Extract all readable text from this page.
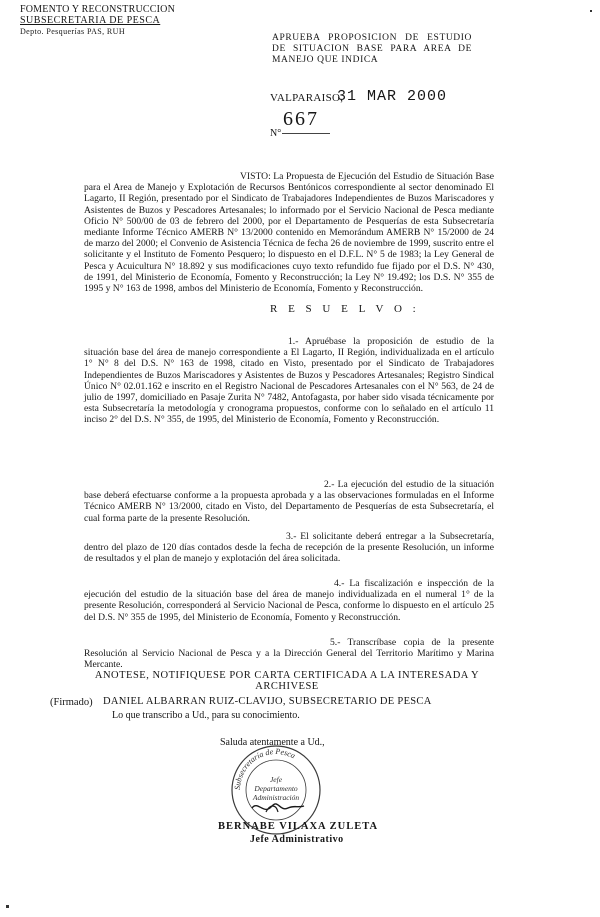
FOMENTO Y RECONSTRUCCION
SUBSECRETARIA DE PESCA
Depto. Pesquerías PAS, RUH
APRUEBA PROPOSICION DE ESTUDIO DE SITUACION BASE PARA AREA DE MANEJO QUE INDICA
VALPARAISO,
31 MAR 2000
N°
667
VISTO: La Propuesta de Ejecución del Estudio de Situación Base para el Area de Manejo y Explotación de Recursos Bentónicos correspondiente al sector denominado El Lagarto, II Región, presentado por el Sindicato de Trabajadores Independientes de Buzos Mariscadores y Asistentes de Buzos y Pescadores Artesanales; lo informado por el Servicio Nacional de Pesca mediante Oficio N° 500/00 de 03 de febrero del 2000, por el Departamento de Pesquerías de esta Subsecretaría mediante Informe Técnico AMERB N° 13/2000 contenido en Memorándum AMERB N° 15/2000 de 24 de marzo del 2000; el Convenio de Asistencia Técnica de fecha 26 de noviembre de 1999, suscrito entre el solicitante y el Instituto de Fomento Pesquero; lo dispuesto en el D.F.L. N° 5 de 1983; la Ley General de Pesca y Acuicultura N° 18.892 y sus modificaciones cuyo texto refundido fue fijado por el D.S. N° 430, de 1991, del Ministerio de Economía, Fomento y Reconstrucción; la Ley N° 19.492; los D.S. N° 355 de 1995 y N° 163 de 1998, ambos del Ministerio de Economía, Fomento y Reconstrucción.
R E S U E L V O :
1.- Apruébase la proposición de estudio de la situación base del área de manejo correspondiente a El Lagarto, II Región, individualizada en el artículo 1° N° 8 del D.S. N° 163 de 1998, citado en Visto, presentado por el Sindicato de Trabajadores Independientes de Buzos Mariscadores y Asistentes de Buzos y Pescadores Artesanales; Registro Sindical Único N° 02.01.162 e inscrito en el Registro Nacional de Pescadores Artesanales con el N° 563, de 24 de julio de 1997, domiciliado en Pasaje Zurita N° 7482, Antofagasta, por haber sido visada técnicamente por esta Subsecretaría la metodología y cronograma propuestos, conforme con lo señalado en el artículo 11 inciso 2° del D.S. N° 355, de 1995, del Ministerio de Economía, Fomento y Reconstrucción.
2.- La ejecución del estudio de la situación base deberá efectuarse conforme a la propuesta aprobada y a las observaciones formuladas en el Informe Técnico AMERB N° 13/2000, citado en Visto, del Departamento de Pesquerías de esta Subsecretaría, el cual forma parte de la presente Resolución.
3.- El solicitante deberá entregar a la Subsecretaría, dentro del plazo de 120 días contados desde la fecha de recepción de la presente Resolución, un informe de resultados y el plan de manejo y explotación del área solicitada.
4.- La fiscalización e inspección de la ejecución del estudio de la situación base del área de manejo individualizada en el numeral 1° de la presente Resolución, corresponderá al Servicio Nacional de Pesca, conforme lo dispuesto en el artículo 25 del D.S. N° 355 de 1995, del Ministerio de Economía, Fomento y Reconstrucción.
5.- Transcríbase copia de la presente Resolución al Servicio Nacional de Pesca y a la Dirección General del Territorio Marítimo y Marina Mercante.
ANOTESE, NOTIFIQUESE POR CARTA CERTIFICADA A LA INTERESADA Y
ARCHIVESE
(Firmado) DANIEL ALBARRAN RUIZ-CLAVIJO, SUBSECRETARIO DE PESCA
Lo que transcribo a Ud., para su conocimiento.
Saluda atentamente a Ud.,
Subsecretaría de Pesca
Jefe
Departamento
Administración
BERNABE VILAXA ZULETA
Jefe Administrativo
